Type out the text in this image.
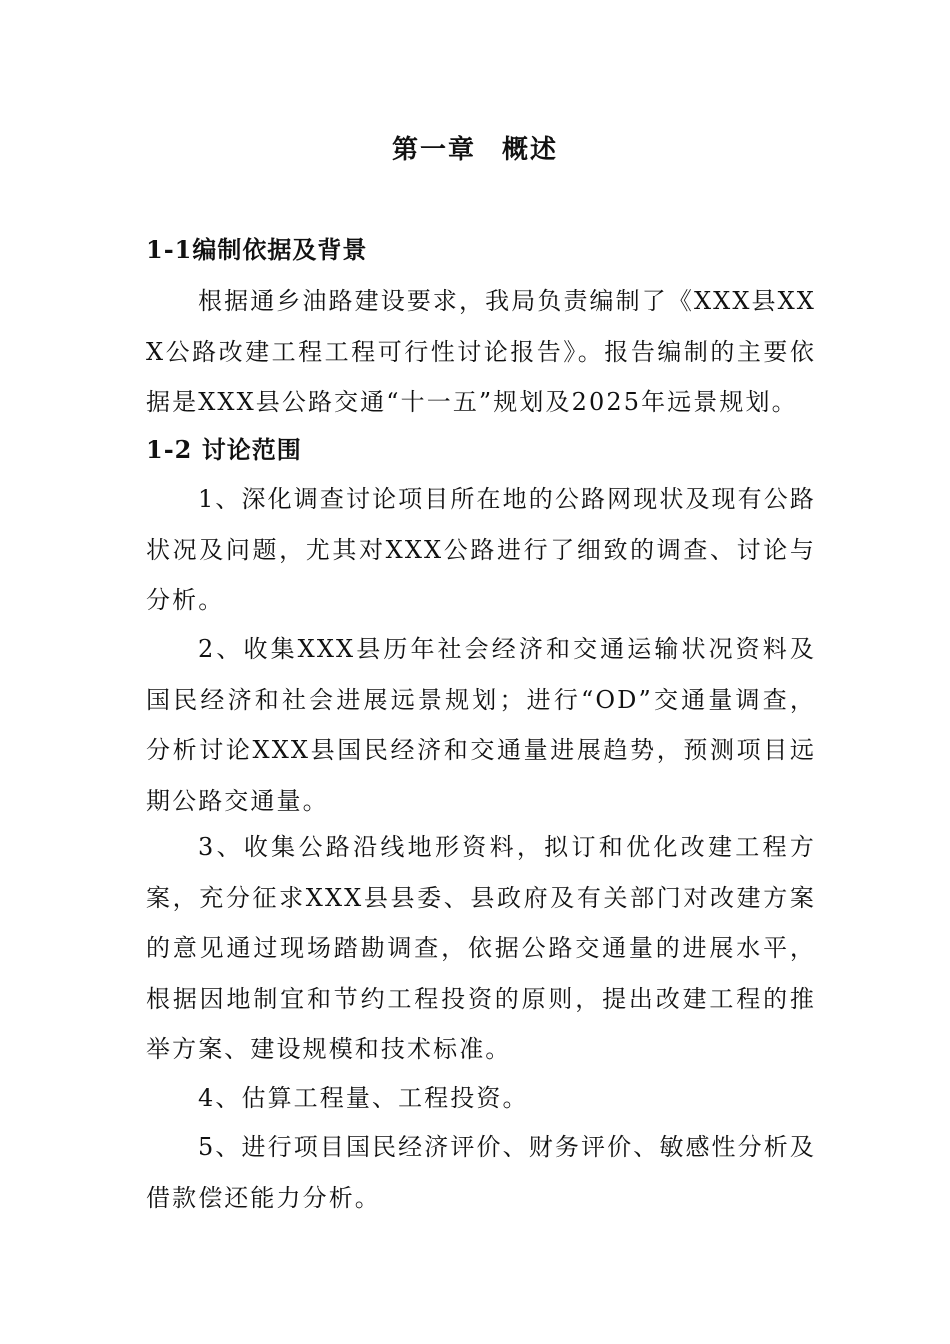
第一章 概述
1-1编制依据及背景
根据通乡油路建设要求，我局负责编制了《XXX县XXX公路改建工程工程可行性讨论报告》。报告编制的主要依据是XXX县公路交通“十一五”规划及2025年远景规划。
1-2 讨论范围
1、深化调查讨论项目所在地的公路网现状及现有公路状况及问题，尤其对XXX公路进行了细致的调查、讨论与分析。
2、收集XXX县历年社会经济和交通运输状况资料及国民经济和社会进展远景规划；进行“OD”交通量调查，分析讨论XXX县国民经济和交通量进展趋势，预测项目远期公路交通量。
3、收集公路沿线地形资料，拟订和优化改建工程方案，充分征求XXX县县委、县政府及有关部门对改建方案的意见通过现场踏勘调查，依据公路交通量的进展水平，根据因地制宜和节约工程投资的原则，提出改建工程的推举方案、建设规模和技术标准。
4、估算工程量、工程投资。
5、进行项目国民经济评价、财务评价、敏感性分析及借款偿还能力分析。
